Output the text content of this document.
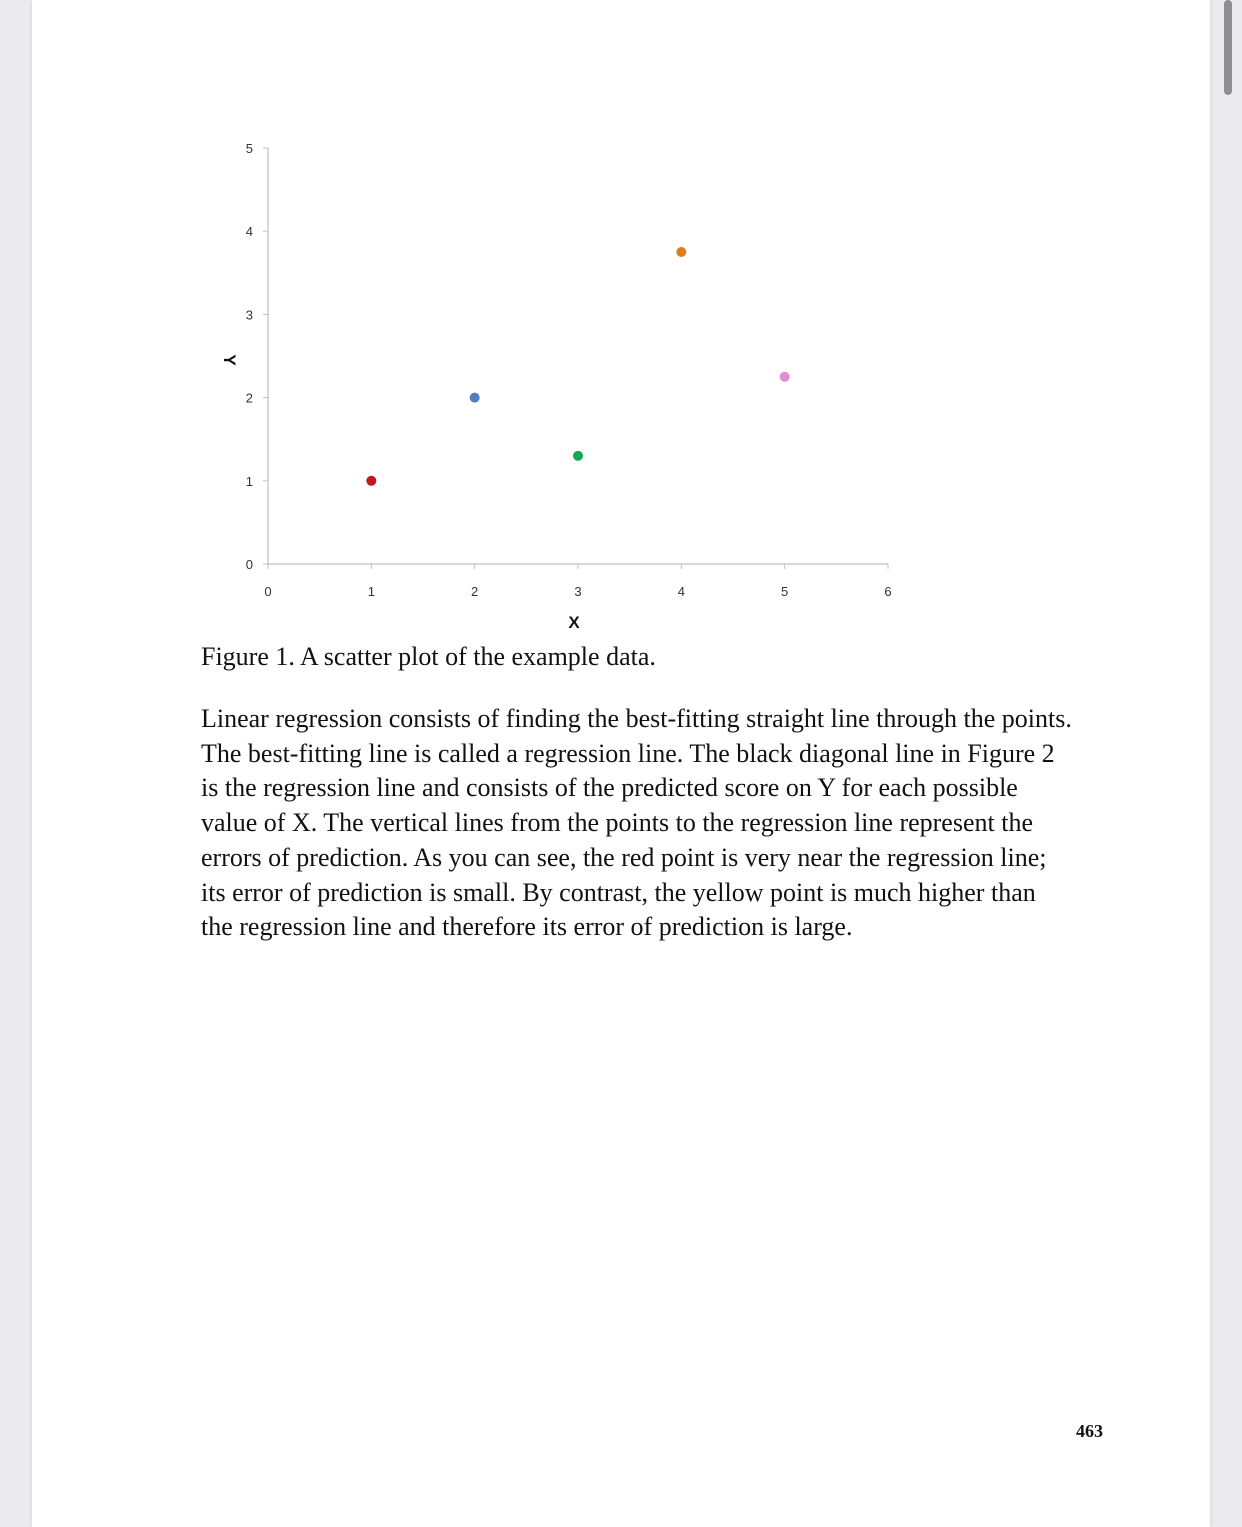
0	1	2	3	4	5	6
0
1
2
3
4
5
X
Y
Figure 1. A scatter plot of the example data.

Linear regression consists of finding the best-fitting straight line through the points.
The best-fitting line is called a regression line. The black diagonal line in Figure 2
is the regression line and consists of the predicted score on Y for each possible
value of X. The vertical lines from the points to the regression line represent the
errors of prediction. As you can see, the red point is very near the regression line;
its error of prediction is small. By contrast, the yellow point is much higher than
the regression line and therefore its error of prediction is large.

463
